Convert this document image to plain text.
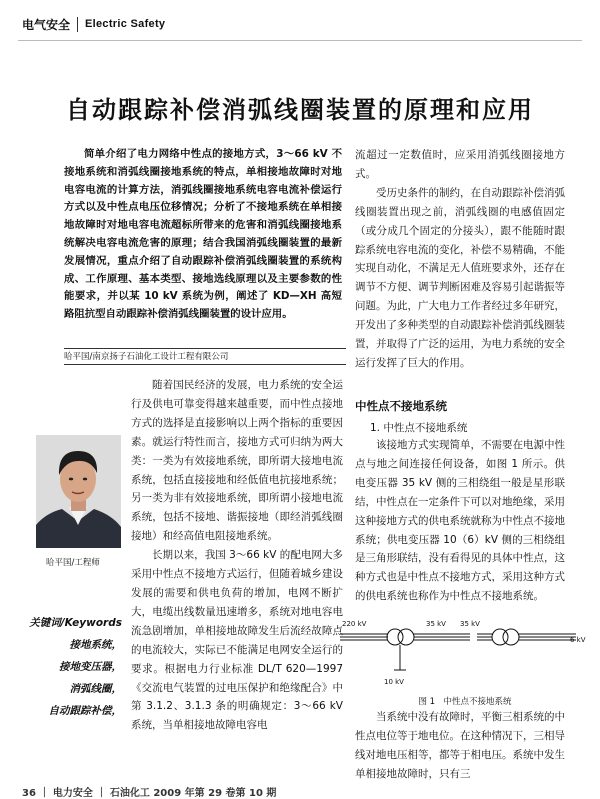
电气安全 Electric Safety
自动跟踪补偿消弧线圈装置的原理和应用

简单介绍了电力网络中性点的接地方式，3～66 kV 不接地系统和消弧线圈接地系统的特点，单相接地故障时对地电容电流的计算方法，消弧线圈接地系统电容电流补偿运行方式以及中性点电压位移情况；分析了不接地系统在单相接地故障时对地电容电流超标所带来的危害和消弧线圈接地系统解决电容电流危害的原理；结合我国消弧线圈装置的最新发展情况，重点介绍了自动跟踪补偿消弧线圈装置的系统构成、工作原理、基本类型、接地选线原理以及主要参数的性能要求，并以某 10 kV 系统为例，阐述了 KD—XH 高短路阻抗型自动跟踪补偿消弧线圈装置的设计应用。

哈平国/南京扬子石油化工设计工程有限公司
哈平国/工程师
关键词/Keywords
接地系统，
接地变压器，
消弧线圈，
自动跟踪补偿，

随着国民经济的发展，电力系统的安全运行及供电可靠变得越来越重要，而中性点接地方式的选择是直接影响以上两个指标的重要因素。就运行特性而言，接地方式可归纳为两大类：一类为有效接地系统，即所谓大接地电流系统，包括直接接地和经低值电抗接地系统；另一类为非有效接地系统，即所谓小接地电流系统，包括不接地、谐振接地（即经消弧线圈接地）和经高值电阻接地系统。

长期以来，我国 3～66 kV 的配电网大多采用中性点不接地方式运行，但随着城乡建设发展的需要和供电负荷的增加，电网不断扩大，电缆出线数量迅速增多，系统对地电容电流急剧增加，单相接地故障发生后流经故障点的电流较大，实际已不能满足电网安全运行的要求。根据电力行业标准 DL/T 620—1997《交流电气装置的过电压保护和绝缘配合》中第 3.1.2、3.1.3 条的明确规定：3～66 kV 系统，当单相接地故障电容电

流超过一定数值时，应采用消弧线圈接地方式。

受历史条件的制约，在自动跟踪补偿消弧线圈装置出现之前，消弧线圈的电感值固定（或分成几个固定的分接头），跟不能随时跟踪系统电容电流的变化，补偿不易精确，不能实现自动化，不满足无人值班要求外，还存在调节不方便、调节判断困难及容易引起谐振等问题。为此，广大电力工作者经过多年研究，开发出了多种类型的自动跟踪补偿消弧线圈装置，并取得了广泛的运用，为电力系统的安全运行发挥了巨大的作用。

中性点不接地系统
1. 中性点不接地系统

该接地方式实现简单，不需要在电源中性点与地之间连接任何设备，如图 1 所示。供电变压器 35 kV 侧的三相绕组一般是星形联结，中性点在一定条件下可以对地绝缘，采用这种接地方式的供电系统就称为中性点不接地系统；供电变压器 10（6）kV 侧的三相绕组是三角形联结，没有看得见的具体中性点，这种方式也是中性点不接地方式，采用这种方式的供电系统也称作为中性点不接地系统。

220 kV	35 kV 35 kV
6 kV
10 kV
图 1　中性点不接地系统

当系统中没有故障时，平衡三相系统的中性点电位等于地电位。在这种情况下，三相导线对地电压相等，都等于相电压。系统中发生单相接地故障时，只有三

36 ｜ 电力安全 ｜ 石油化工 2009 年第 29 卷第 10 期
